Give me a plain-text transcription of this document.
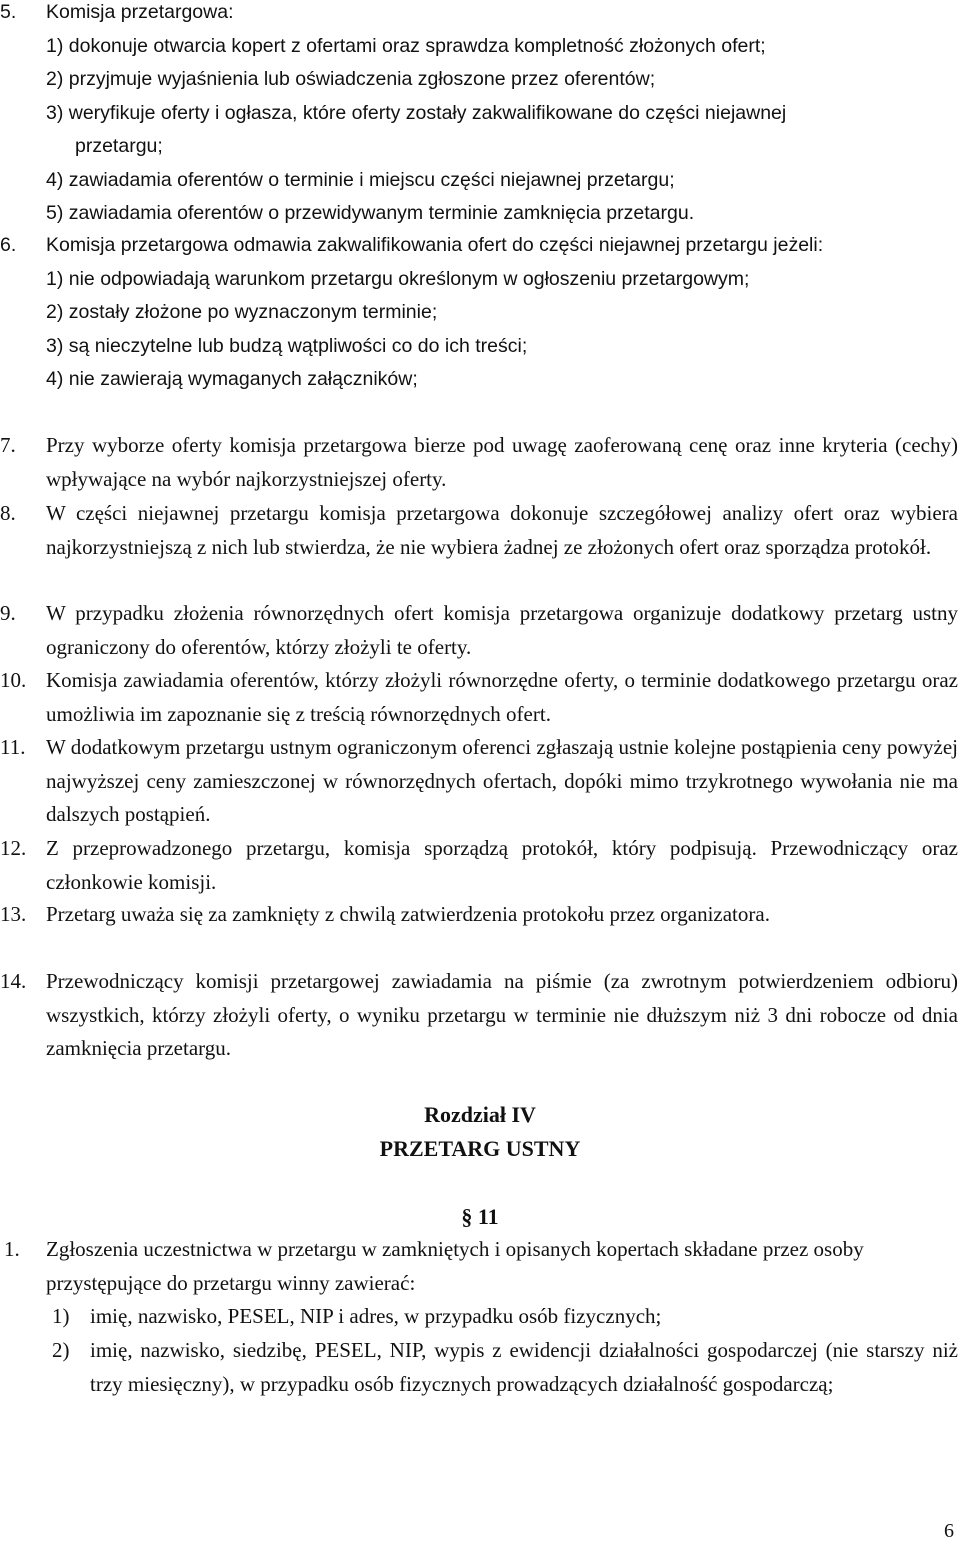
5. Komisja przetargowa:
1) dokonuje otwarcia kopert z ofertami oraz sprawdza kompletność złożonych ofert;
2) przyjmuje wyjaśnienia lub oświadczenia zgłoszone przez oferentów;
3) weryfikuje oferty i ogłasza, które oferty zostały zakwalifikowane do części niejawnej
przetargu;
4) zawiadamia oferentów o terminie i miejscu części niejawnej przetargu;
5) zawiadamia oferentów o przewidywanym terminie zamknięcia przetargu.
6. Komisja przetargowa odmawia zakwalifikowania ofert do części niejawnej przetargu jeżeli:
1) nie odpowiadają warunkom przetargu określonym w ogłoszeniu przetargowym;
2) zostały złożone po wyznaczonym terminie;
3) są nieczytelne lub budzą wątpliwości co do ich treści;
4) nie zawierają wymaganych załączników;
7. Przy wyborze oferty komisja przetargowa bierze pod uwagę zaoferowaną cenę oraz inne kryteria (cechy) wpływające na wybór najkorzystniejszej oferty.
8. W części niejawnej przetargu komisja przetargowa dokonuje szczegółowej analizy ofert oraz wybiera najkorzystniejszą z nich lub stwierdza, że nie wybiera żadnej ze złożonych ofert oraz sporządza protokół.
9. W przypadku złożenia równorzędnych ofert komisja przetargowa organizuje dodatkowy przetarg ustny ograniczony do oferentów, którzy złożyli te oferty.
10. Komisja zawiadamia oferentów, którzy złożyli równorzędne oferty, o terminie dodatkowego przetargu oraz umożliwia im zapoznanie się z treścią równorzędnych ofert.
11. W dodatkowym przetargu ustnym ograniczonym oferenci zgłaszają ustnie kolejne postąpienia ceny powyżej najwyższej ceny zamieszczonej w równorzędnych ofertach, dopóki mimo trzykrotnego wywołania nie ma dalszych postąpień.
12. Z przeprowadzonego przetargu, komisja sporządzą protokół, który podpisują. Przewodniczący oraz członkowie komisji.
13. Przetarg uważa się za zamknięty z chwilą zatwierdzenia protokołu przez organizatora.
14. Przewodniczący komisji przetargowej zawiadamia na piśmie (za zwrotnym potwierdzeniem odbioru) wszystkich, którzy złożyli oferty, o wyniku przetargu w terminie nie dłuższym niż 3 dni robocze od dnia zamknięcia przetargu.
Rozdział IV
PRZETARG USTNY
§ 11
1. Zgłoszenia uczestnictwa w przetargu w zamkniętych i opisanych kopertach składane przez osoby przystępujące do przetargu winny zawierać:
1) imię, nazwisko, PESEL, NIP i adres, w przypadku osób fizycznych;
2) imię, nazwisko, siedzibę, PESEL, NIP, wypis z ewidencji działalności gospodarczej (nie starszy niż trzy miesięczny), w przypadku osób fizycznych prowadzących działalność gospodarczą;
6
